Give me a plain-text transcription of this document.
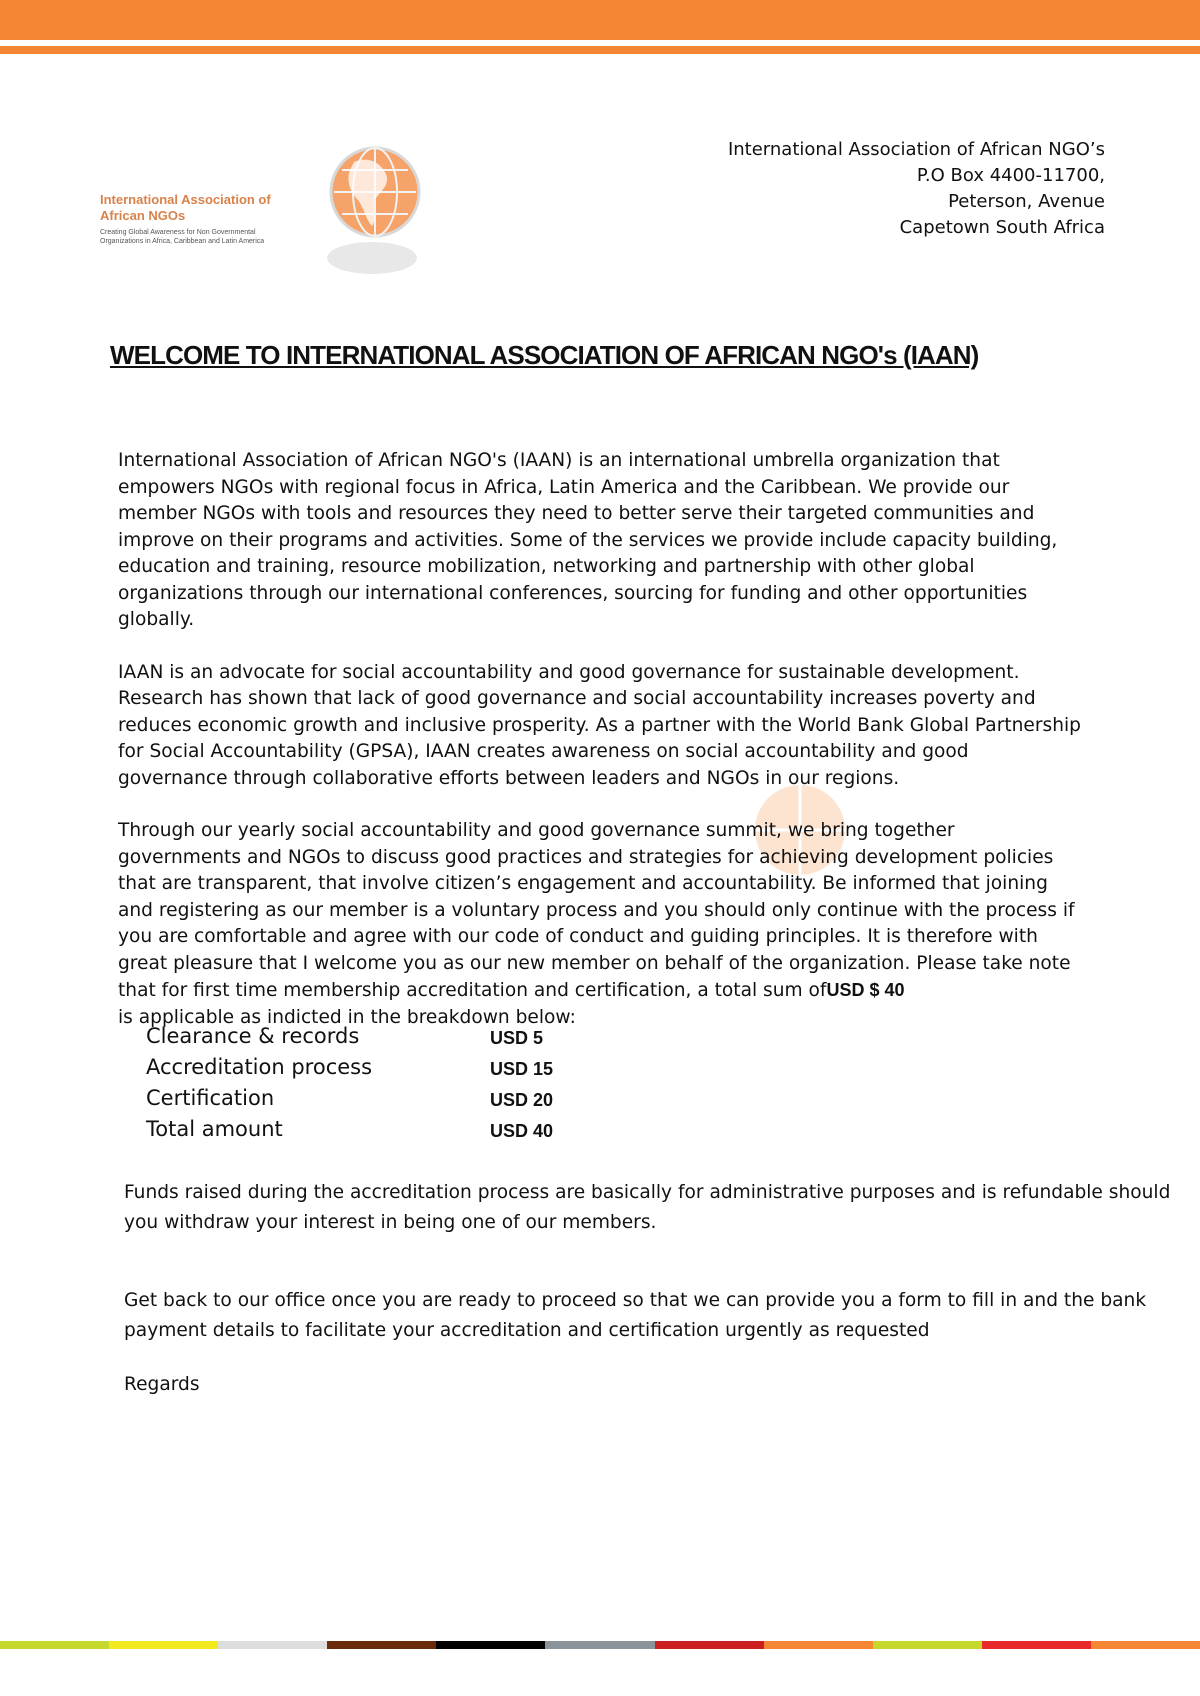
International Association of
African NGOs
Creating Global Awareness for Non Governmental
Organizations in Africa, Caribbean and Latin America
International Association of African NGO’s
P.O Box 4400-11700,
Peterson, Avenue
Capetown South Africa
WELCOME TO INTERNATIONAL ASSOCIATION OF AFRICAN NGO's (IAAN)

International Association of African NGO's (IAAN) is an international umbrella organization that empowers NGOs with regional focus in Africa, Latin America and the Caribbean. We provide our member NGOs with tools and resources they need to better serve their targeted communities and improve on their programs and activities. Some of the services we provide include capacity building, education and training, resource mobilization, networking and partnership with other global organizations through our international conferences, sourcing for funding and other opportunities globally.

IAAN is an advocate for social accountability and good governance for sustainable development. Research has shown that lack of good governance and social accountability increases poverty and reduces economic growth and inclusive prosperity. As a partner with the World Bank Global Partnership for Social Accountability (GPSA), IAAN creates awareness on social accountability and good governance through collaborative efforts between leaders and NGOs in our regions.

Through our yearly social accountability and good governance summit, we bring together governments and NGOs to discuss good practices and strategies for achieving development policies that are transparent, that involve citizen’s engagement and accountability. Be informed that joining and registering as our member is a voluntary process and you should only continue with the process if you are comfortable and agree with our code of conduct and guiding principles. It is therefore with great pleasure that I welcome you as our new member on behalf of the organization. Please take note that for first time membership accreditation and certification, a total sum ofUSD $ 40
is applicable as indicted in the breakdown below:

Clearance & records	USD 5
Accreditation process	USD 15
Certification	USD 20
Total amount	USD 40
Funds raised during the accreditation process are basically for administrative purposes and is refundable should you withdraw your interest in being one of our members.
Get back to our office once you are ready to proceed so that we can provide you a form to fill in and the bank payment details to facilitate your accreditation and certification urgently as requested
Regards
